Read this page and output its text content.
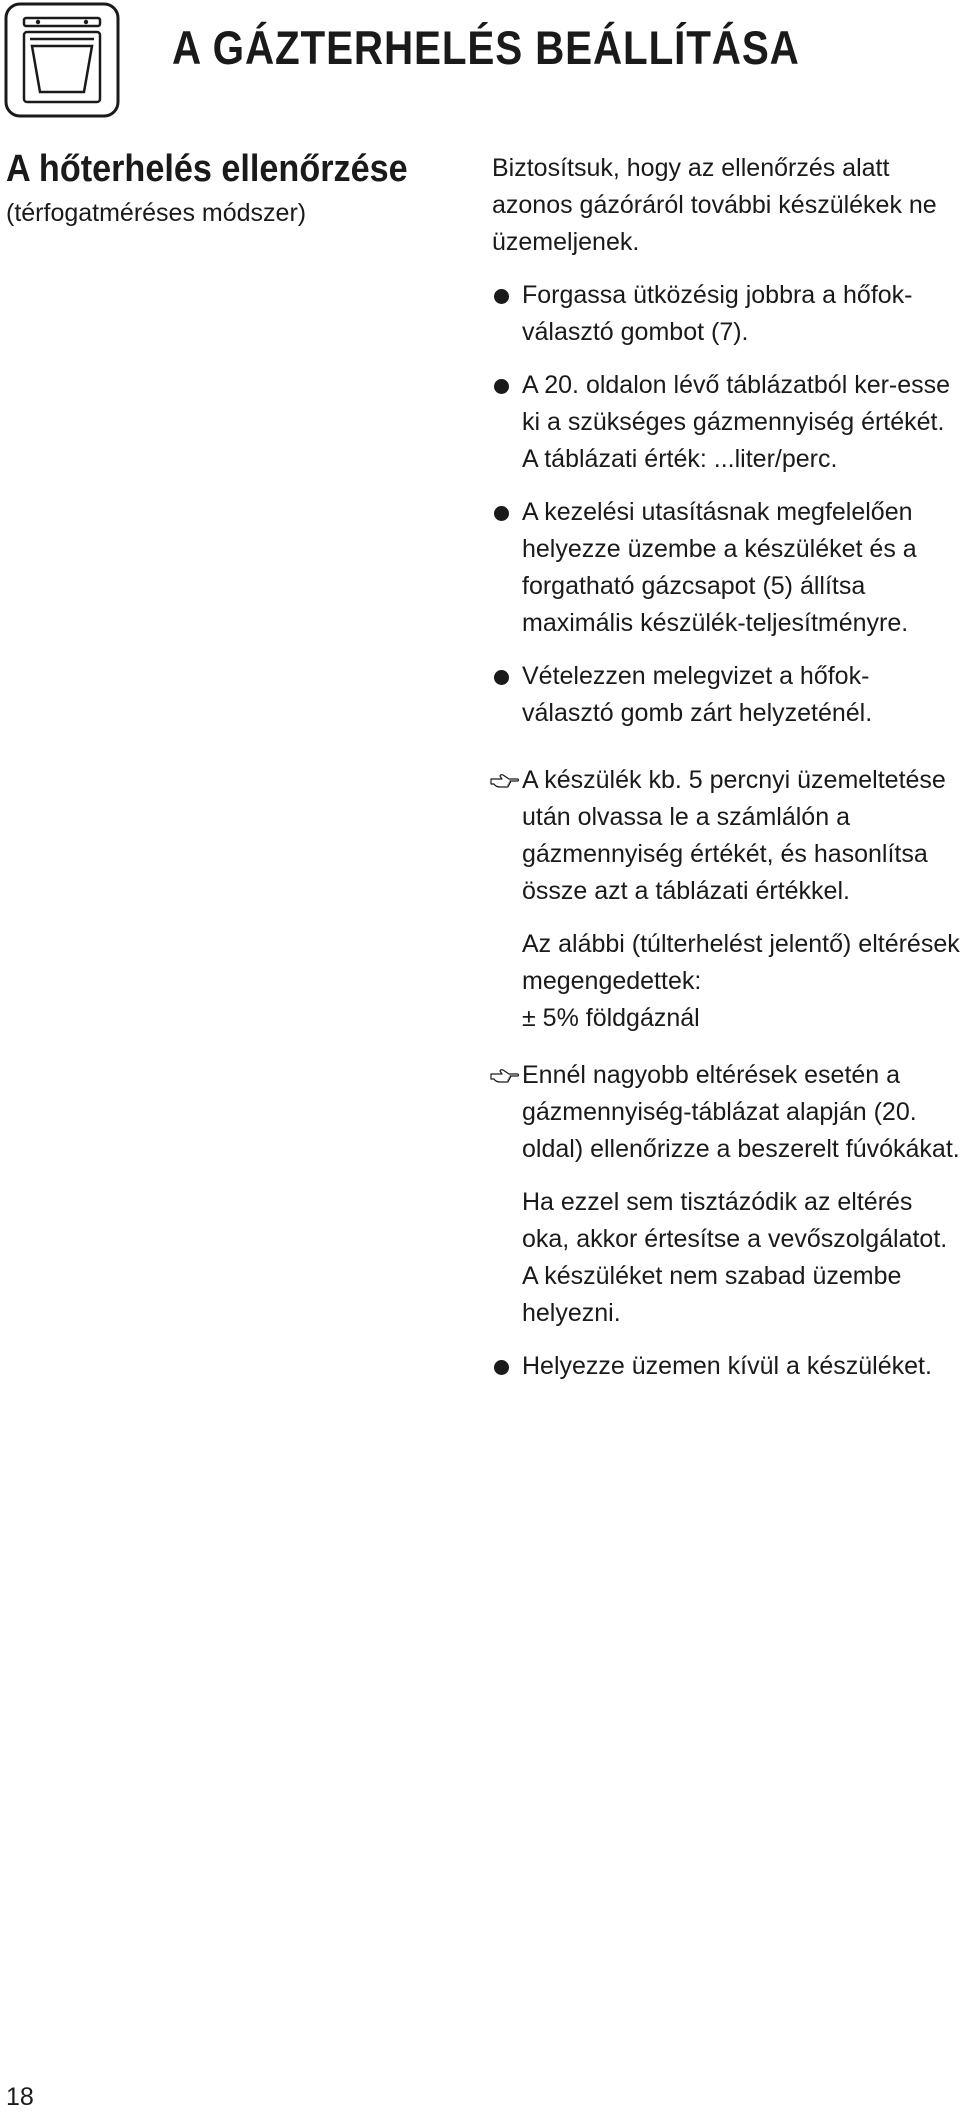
A GÁZTERHELÉS BEÁLLÍTÁSA
A hőterhelés ellenőrzése
(térfogatméréses módszer)
Biztosítsuk, hogy az ellenőrzés alatt azonos gázóráról további készülékek ne üzemeljenek.
Forgassa ütközésig jobbra a hőfok-választó gombot (7).
A 20. oldalon lévő táblázatból ker-esse ki a szükséges gázmennyiség értékét. A táblázati érték: ...liter/perc.
A kezelési utasításnak megfelelően helyezze üzembe a készüléket és a forgatható gázcsapot (5) állítsa maximális készülék-teljesítményre.
Vételezzen melegvizet a hőfok-választó gomb zárt helyzeténél.
A készülék kb. 5 percnyi üzemeltetése után olvassa le a számlálón a gázmennyiség értékét, és hasonlítsa össze azt a táblázati értékkel.
Az alábbi (túlterhelést jelentő) eltérések megengedettek:
± 5% földgáznál
Ennél nagyobb eltérések esetén a gázmennyiség-táblázat alapján (20. oldal) ellenőrizze a beszerelt fúvókákat.
Ha ezzel sem tisztázódik az eltérés oka, akkor értesítse a vevőszolgálatot. A készüléket nem szabad üzembe helyezni.
Helyezze üzemen kívül a készüléket.
18
